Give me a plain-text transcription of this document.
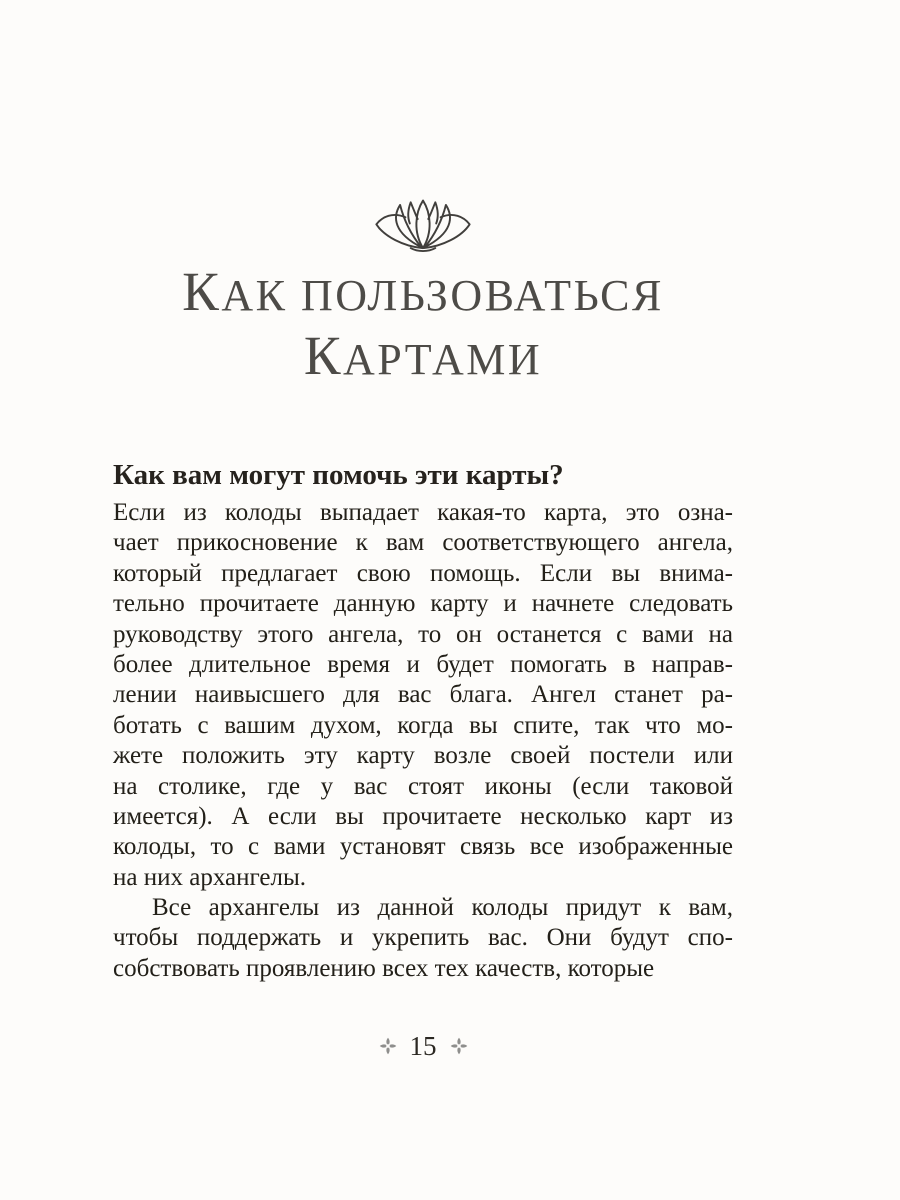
КАК ПОЛЬЗОВАТЬСЯ
КАРТАМИ
Как вам могут помочь эти карты?
Если из колоды выпадает какая-то карта, это озна-
чает прикосновение к вам соответствующего ангела,
который предлагает свою помощь. Если вы внима-
тельно прочитаете данную карту и начнете следовать
руководству этого ангела, то он останется с вами на
более длительное время и будет помогать в направ-
лении наивысшего для вас блага. Ангел станет ра-
ботать с вашим духом, когда вы спите, так что мо-
жете положить эту карту возле своей постели или
на столике, где у вас стоят иконы (если таковой
имеется). А если вы прочитаете несколько карт из
колоды, то с вами установят связь все изображенные
на них архангелы.
Все архангелы из данной колоды придут к вам,
чтобы поддержать и укрепить вас. Они будут спо-
собствовать проявлению всех тех качеств, которые
15
